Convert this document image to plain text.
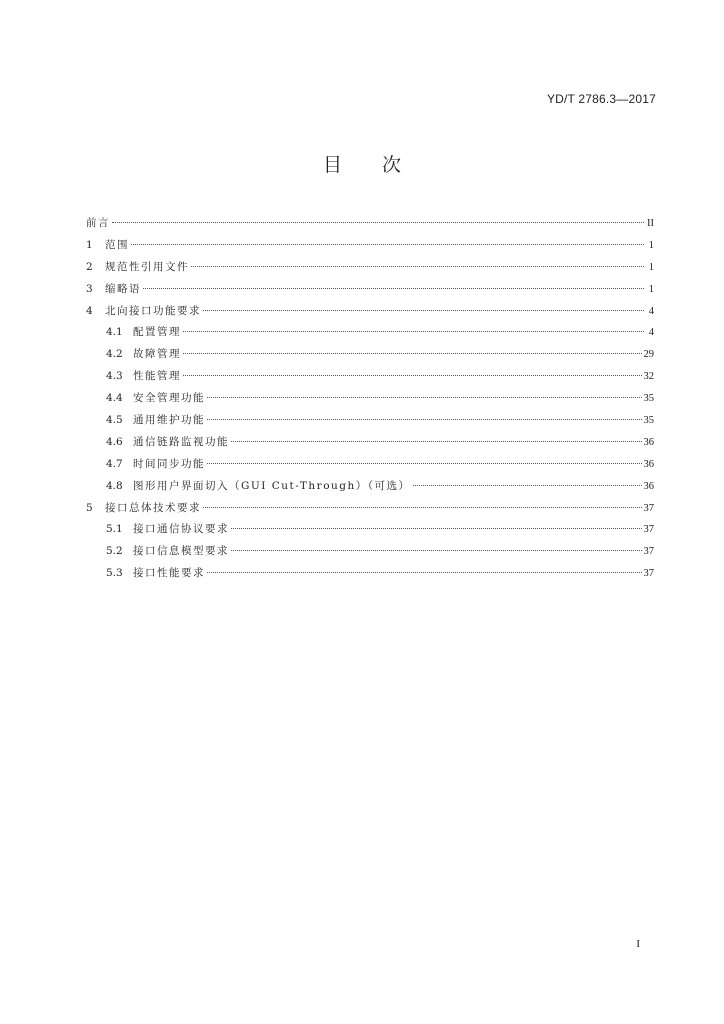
YD/T 2786.3—2017
目 次
前言	II
1	范围	1
2	规范性引用文件	1
3	缩略语	1
4	北向接口功能要求	4
4.1 配置管理	4
4.2 故障管理	29
4.3 性能管理	32
4.4 安全管理功能	35
4.5 通用维护功能	35
4.6 通信链路监视功能	36
4.7 时间同步功能	36
4.8 图形用户界面切入（GUI Cut-Through）（可选）	36
5	接口总体技术要求	37
5.1 接口通信协议要求	37
5.2 接口信息模型要求	37
5.3 接口性能要求	37
I
